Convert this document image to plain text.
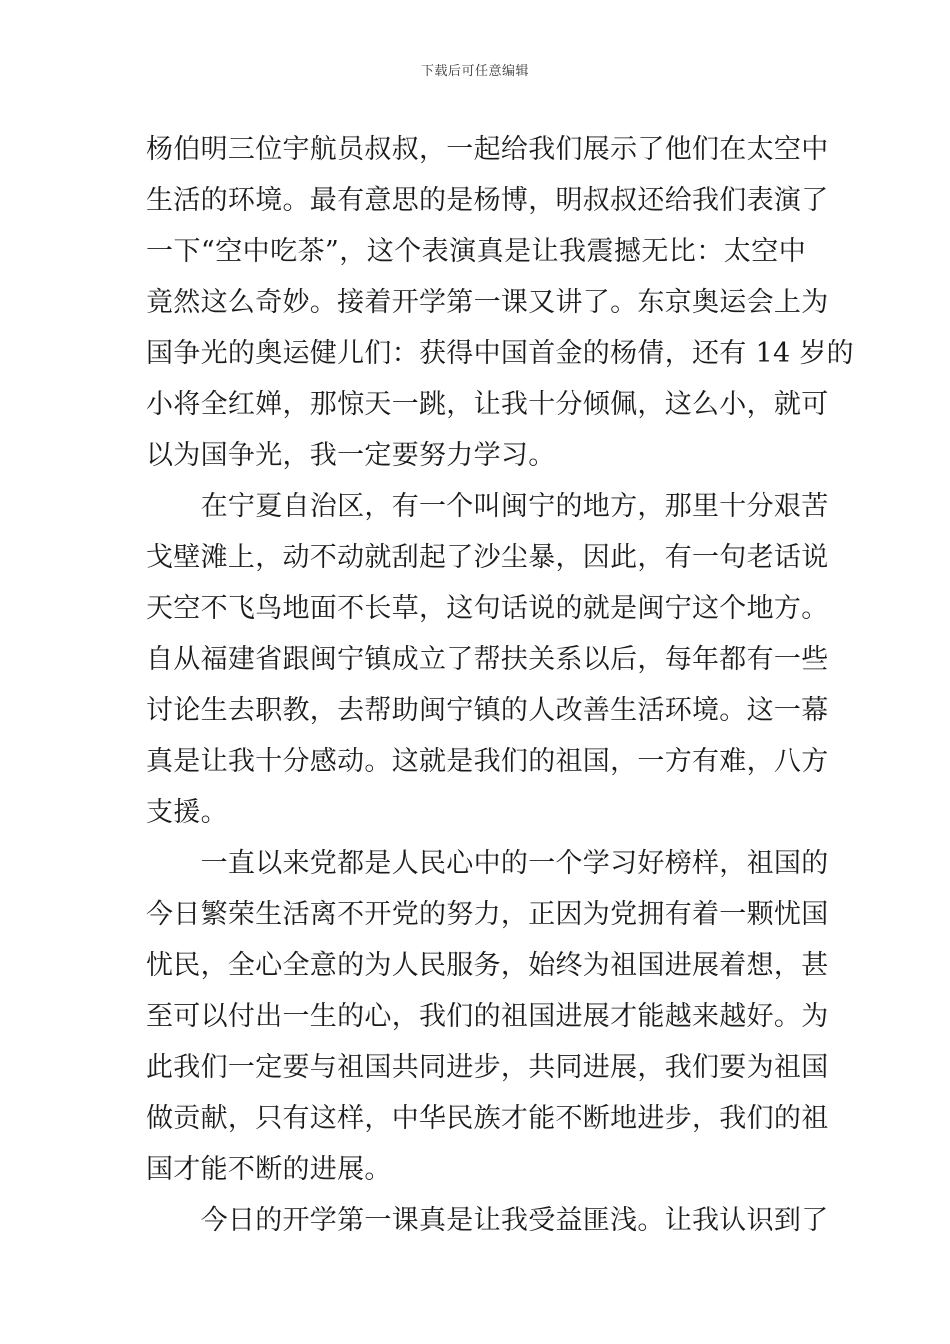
下载后可任意编辑

杨伯明三位宇航员叔叔，一起给我们展示了他们在太空中
生活的环境。最有意思的是杨博，明叔叔还给我们表演了
一下“空中吃茶”，这个表演真是让我震撼无比：太空中
竟然这么奇妙。接着开学第一课又讲了。东京奥运会上为
国争光的奥运健儿们：获得中国首金的杨倩，还有 14 岁的
小将全红婵，那惊天一跳，让我十分倾佩，这么小，就可
以为国争光，我一定要努力学习。

　　在宁夏自治区，有一个叫闽宁的地方，那里十分艰苦
戈壁滩上，动不动就刮起了沙尘暴，因此，有一句老话说
天空不飞鸟地面不长草，这句话说的就是闽宁这个地方。
自从福建省跟闽宁镇成立了帮扶关系以后，每年都有一些
讨论生去职教，去帮助闽宁镇的人改善生活环境。这一幕
真是让我十分感动。这就是我们的祖国，一方有难，八方
支援。

　　一直以来党都是人民心中的一个学习好榜样，祖国的
今日繁荣生活离不开党的努力，正因为党拥有着一颗忧国
忧民，全心全意的为人民服务，始终为祖国进展着想，甚
至可以付出一生的心，我们的祖国进展才能越来越好。为
此我们一定要与祖国共同进步，共同进展，我们要为祖国
做贡献，只有这样，中华民族才能不断地进步，我们的祖
国才能不断的进展。

　　今日的开学第一课真是让我受益匪浅。让我认识到了
